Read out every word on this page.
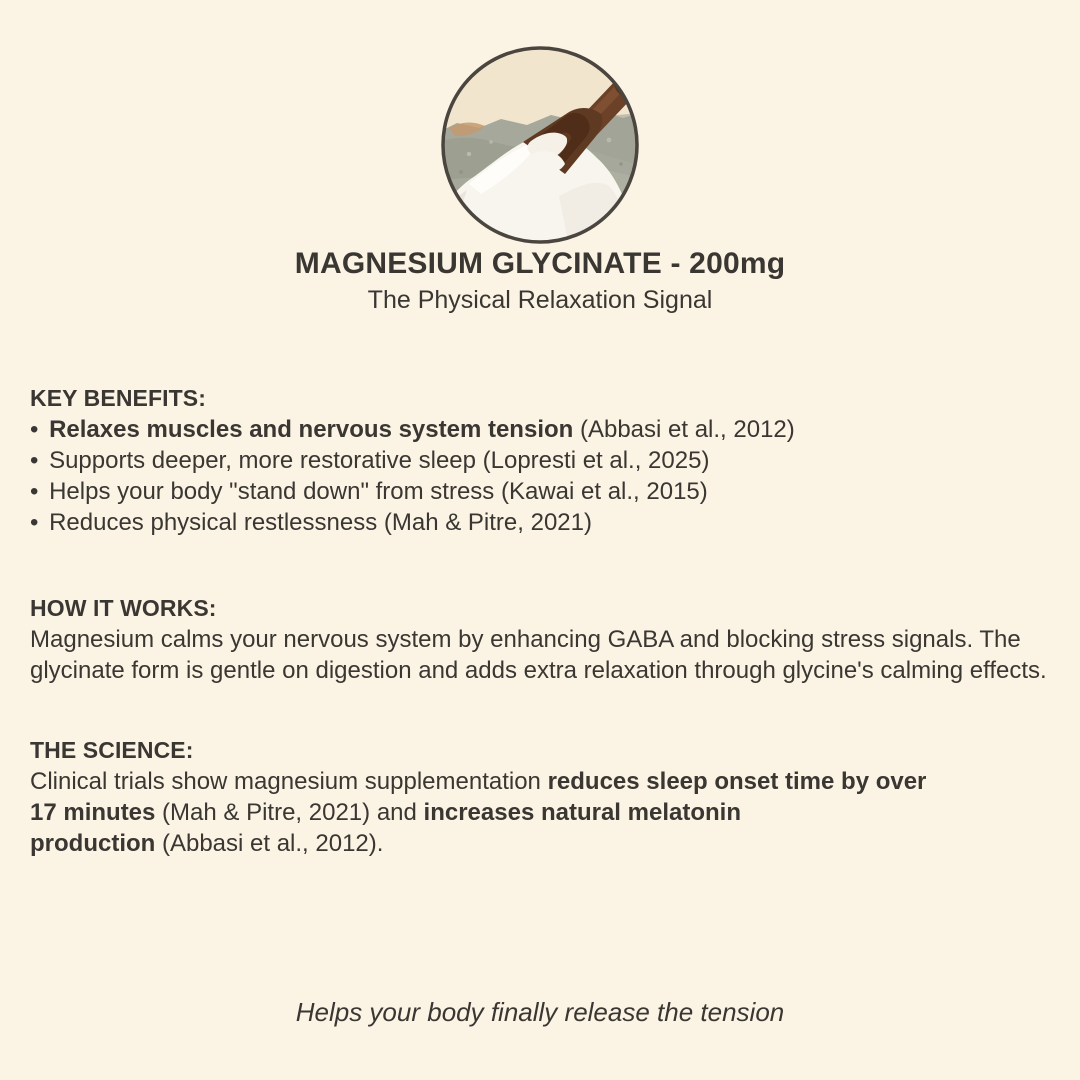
MAGNESIUM GLYCINATE - 200mg
The Physical Relaxation Signal
KEY BENEFITS:
• Relaxes muscles and nervous system tension (Abbasi et al., 2012)
• Supports deeper, more restorative sleep (Lopresti et al., 2025)
• Helps your body "stand down" from stress (Kawai et al., 2015)
• Reduces physical restlessness (Mah & Pitre, 2021)
HOW IT WORKS:

Magnesium calms your nervous system by enhancing GABA and blocking stress signals. The glycinate form is gentle on digestion and adds extra relaxation through glycine's calming effects.

THE SCIENCE:
Clinical trials show magnesium supplementation reduces sleep onset time by over
17 minutes (Mah & Pitre, 2021) and increases natural melatonin
production (Abbasi et al., 2012).
Helps your body finally release the tension
